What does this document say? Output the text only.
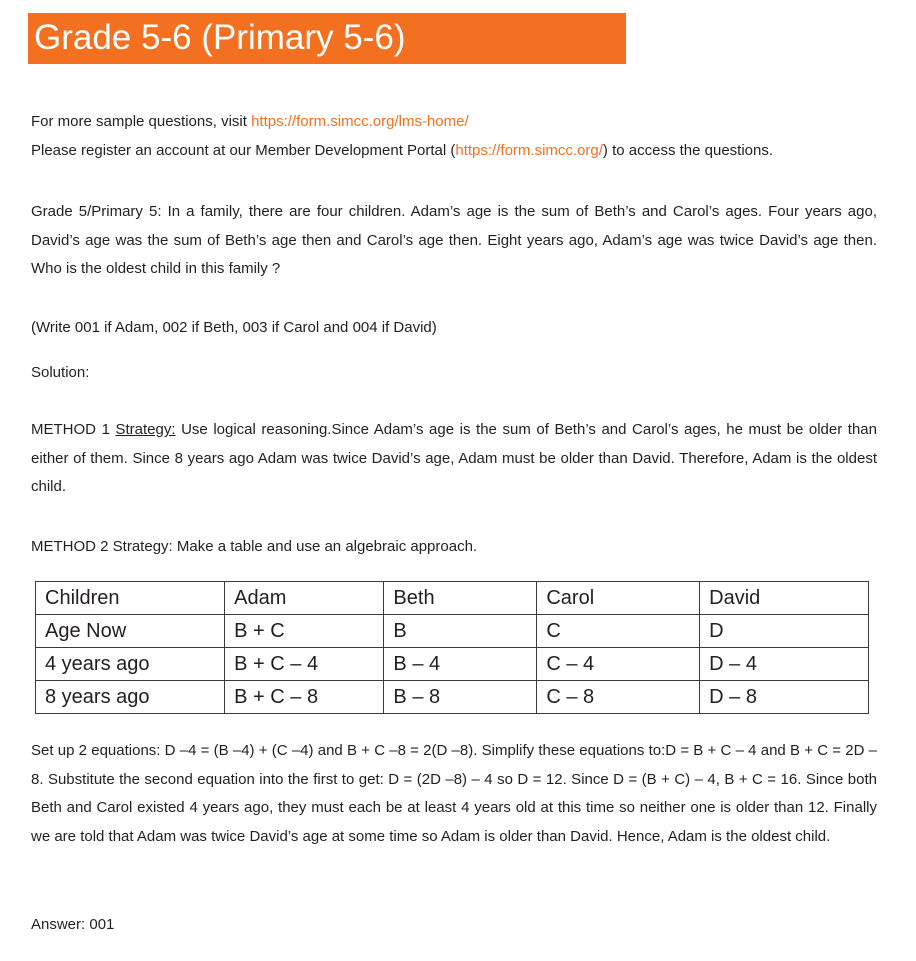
Grade 5-6 (Primary 5-6)
For more sample questions, visit https://form.simcc.org/lms-home/
Please register an account at our Member Development Portal (https://form.simcc.org/) to access the questions.
Grade 5/Primary 5: In a family, there are four children. Adam’s age is the sum of Beth’s and Carol’s ages. Four years ago, David’s age was the sum of Beth’s age then and Carol’s age then. Eight years ago, Adam’s age was twice David’s age then. Who is the oldest child in this family ?
(Write 001 if Adam, 002 if Beth, 003 if Carol and 004 if David)
Solution:
METHOD 1 Strategy: Use logical reasoning.Since Adam’s age is the sum of Beth’s and Carol’s ages, he must be older than either of them. Since 8 years ago Adam was twice David’s age, Adam must be older than David. Therefore, Adam is the oldest child.
METHOD 2 Strategy: Make a table and use an algebraic approach.
Set up 2 equations: D –4 = (B –4) + (C –4) and B + C –8 = 2(D –8). Simplify these equations to:D = B + C – 4 and B + C = 2D –8. Substitute the second equation into the first to get: D = (2D –8) – 4 so D = 12. Since D = (B + C) – 4, B + C = 16. Since both Beth and Carol existed 4 years ago, they must each be at least 4 years old at this time so neither one is older than 12. Finally we are told that Adam was twice David’s age at some time so Adam is older than David. Hence, Adam is the oldest child.
Answer: 001
Children	Adam	Beth	Carol	David
Age Now	B + C	B	C	D
4 years ago	B + C – 4	B – 4	C – 4	D – 4
8 years ago	B + C – 8	B – 8	C – 8	D – 8
